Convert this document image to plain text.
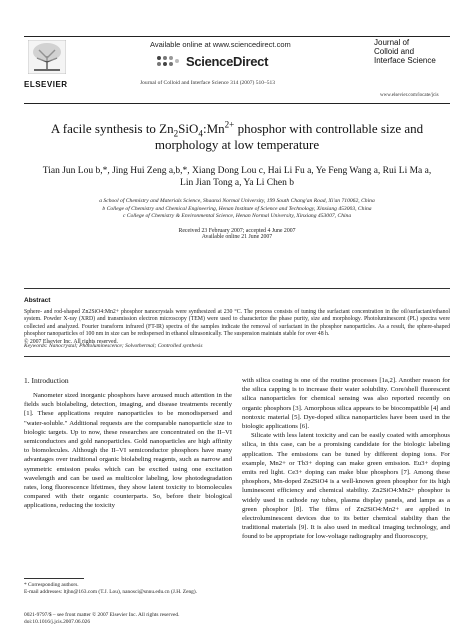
ELSEVIER
Available online at www.sciencedirect.com
ScienceDirect
Journal of Colloid and Interface Science 314 (2007) 510–513
Journal of
Colloid and
Interface Science
www.elsevier.com/locate/jcis
A facile synthesis to $Zn_2SiO_4:Mn^{2+}$ phosphor with controllable size and
morphology at low temperature
Tian Jun Lou b,*, Jing Hui Zeng a,b,*, Xiang Dong Lou c, Hai Li Fu a, Ye Feng Wang a, Rui Li Ma a,
Lin Jian Tong a, Ya Li Chen b
a School of Chemistry and Materials Science, Shaanxi Normal University, 199 South Chang'an Road, Xi'an 710062, China
b College of Chemistry and Chemical Engineering, Henan Institute of Science and Technology, Xinxiang 453003, China
c College of Chemistry & Environmental Science, Henan Normal University, Xinxiang 453007, China
Received 23 February 2007; accepted 4 June 2007
Available online 21 June 2007
Abstract
Sphere- and rod-shaped Zn2SiO4:Mn2+ phosphor nanocrystals were synthesized at 230 °C. The process consists of tuning the surfactant concentration in the oil/surfactant/ethanol system. Powder X-ray (XRD) and transmission electron microscopy (TEM) were used to characterize the phase purity, size and morphology. Photoluminescent (PL) spectra were collected and analyzed. Fourier transform infrared (FT-IR) spectra of the samples indicate the removal of surfactant in the phosphor nanoparticles. As a result, the sphere-shaped phosphor nanoparticles of 100 nm in size can be redispersed in ethanol ultrasonically. The suspension maintain stable for over 48 h.
© 2007 Elsevier Inc. All rights reserved.
Keywords: Nanocrystal; Photoluminescence; Solvothermal; Controlled synthesis
1. Introduction

Nanometer sized inorganic phosphors have aroused much attention in the fields such biolabeling, detection, imaging, and disease treatments recently [1]. These applications require nanoparticles to be monodispersed and "water-soluble." Additional requests are the comparable nanoparticle size to biologic targets. Up to now, these researches are concentrated on the II–VI semiconductors and gold nanoparticles. Gold nanoparticles are high affinity to biomolecules. Although the II–VI semiconductor phosphors have many advantages over traditional organic biolabeling reagents, such as narrow and symmetric emission peaks which can be excited using one excitation wavelength and can be used as multicolor labeling, low photodegradation rates, long fluorescence lifetimes, they show latent toxicity to biomolecules compared with their organic counterparts. So, before their biological applications, reducing the toxicity

with silica coating is one of the routine processes [1a,2]. Another reason for the silica capping is to increase their water solubility. Core/shell fluorescent silica nanoparticles for chemical sensing was also reported recently on organic phosphors [3]. Amorphous silica appears to be biocompatible [4] and nontoxic material [5]. Dye-doped silica nanoparticles have been used in the biologic applications [6].

Silicate with less latent toxicity and can be easily coated with amorphous silica, in this case, can be a promising candidate for the biologic labeling application. The emissions can be tuned by different doping ions. For example, Mn2+ or Tb3+ doping can make green emission. Eu3+ doping emits red light. Ce3+ doping can make blue phosphors [7]. Among these phosphors, Mn-doped Zn2SiO4 is a well-known green phosphor for its high luminescent efficiency and chemical stability. Zn2SiO4:Mn2+ phosphor is widely used in cathode ray tubes, plasma display panels, and lamps as a green phosphor [8]. The films of Zn2SiO4:Mn2+ are applied in electroluminescent devices due to its better chemical stability than the traditional materials [9]. It is also used in medical imaging technology, and found to be appropriate for low-voltage radiography and fluoroscopy,

* Corresponding authors.
E-mail addresses: ltjhn@163.com (T.J. Lou), nanosci@snnu.edu.cn (J.H. Zeng).
0021-9797/$ – see front matter © 2007 Elsevier Inc. All rights reserved.
doi:10.1016/j.jcis.2007.06.026
